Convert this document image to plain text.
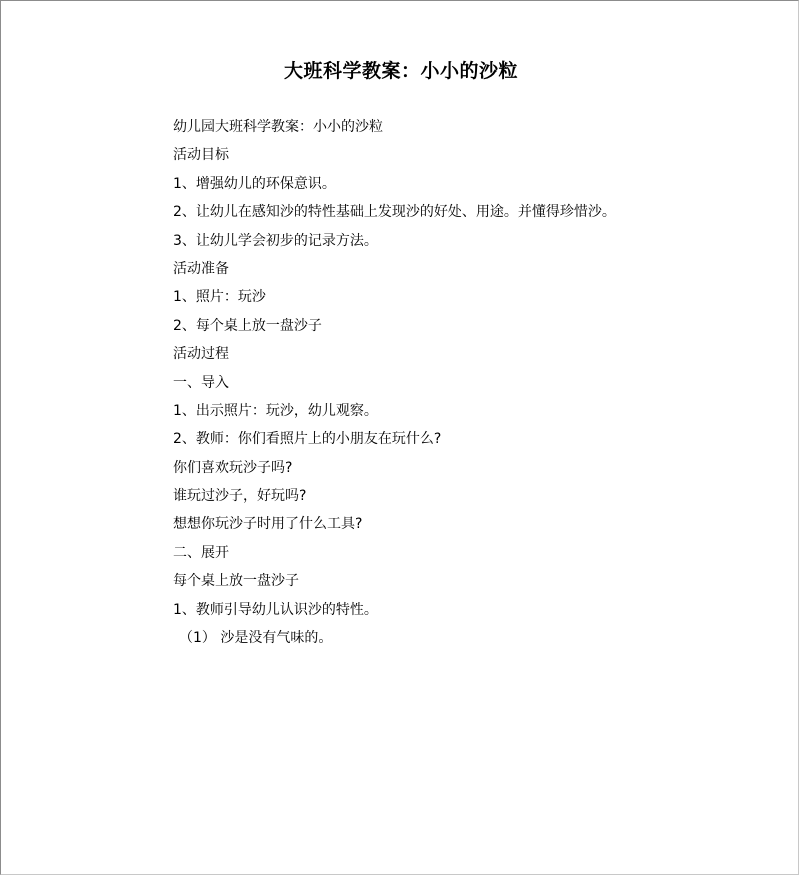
大班科学教案：小小的沙粒
幼儿园大班科学教案：小小的沙粒
活动目标
1、增强幼儿的环保意识。
2、让幼儿在感知沙的特性基础上发现沙的好处、用途。并懂得珍惜沙。
3、让幼儿学会初步的记录方法。
活动准备
1、照片：玩沙
2、每个桌上放一盘沙子
活动过程
一、导入
1、出示照片：玩沙，幼儿观察。
2、教师：你们看照片上的小朋友在玩什么?
你们喜欢玩沙子吗?
谁玩过沙子，好玩吗?
想想你玩沙子时用了什么工具?
二、展开
每个桌上放一盘沙子
1、教师引导幼儿认识沙的特性。
（1） 沙是没有气味的。
